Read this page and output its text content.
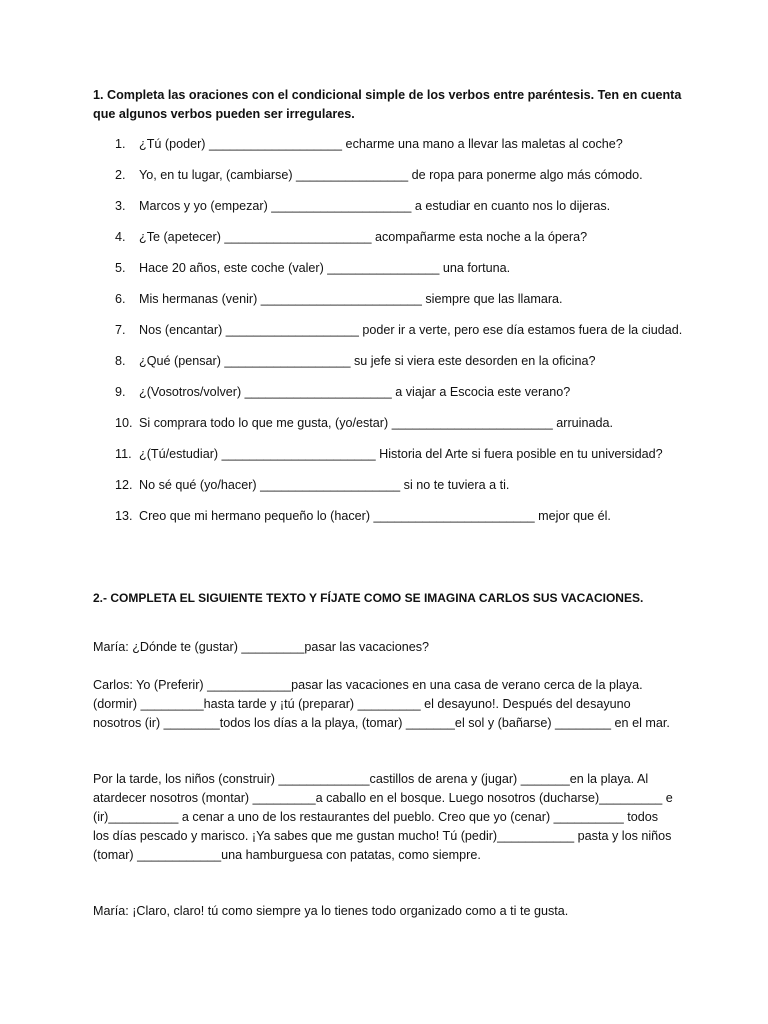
1. Completa las oraciones con el condicional simple de los verbos entre paréntesis. Ten en cuenta que algunos verbos pueden ser irregulares.

1.	¿Tú (poder) ___________________ echarme una mano a llevar las maletas al coche?
2.	Yo, en tu lugar, (cambiarse) ________________ de ropa para ponerme algo más cómodo.
3.	Marcos y yo (empezar) ____________________ a estudiar en cuanto nos lo dijeras.
4.	¿Te (apetecer) _____________________ acompañarme esta noche a la ópera?
5.	Hace 20 años, este coche (valer) ________________ una fortuna.
6.	Mis hermanas (venir) _______________________ siempre que las llamara.
7.	Nos (encantar) ___________________ poder ir a verte, pero ese día estamos fuera de la ciudad.
8.	¿Qué (pensar) __________________ su jefe si viera este desorden en la oficina?
9.	¿(Vosotros/volver) _____________________ a viajar a Escocia este verano?
10. Si comprara todo lo que me gusta, (yo/estar) _______________________ arruinada.
11. ¿(Tú/estudiar) ______________________ Historia del Arte si fuera posible en tu universidad?
12. No sé qué (yo/hacer) ____________________ si no te tuviera a ti.
13. Creo que mi hermano pequeño lo (hacer) _______________________ mejor que él.
2.- COMPLETA EL SIGUIENTE TEXTO Y FÍJATE COMO SE IMAGINA CARLOS SUS VACACIONES.

María: ¿Dónde te (gustar) _________pasar las vacaciones?

Carlos: Yo (Preferir) ____________pasar las vacaciones en una casa de verano cerca de la playa. (dormir) _________hasta tarde y ¡tú (preparar) _________ el desayuno!. Después del desayuno nosotros (ir) ________todos los días a la playa, (tomar) _______el sol y (bañarse) ________ en el mar.

Por la tarde, los niños (construir) _____________castillos de arena y (jugar) _______en la playa. Al atardecer nosotros (montar) _________a caballo en el bosque. Luego nosotros (ducharse)_________ e (ir)__________ a cenar a uno de los restaurantes del pueblo. Creo que yo (cenar) __________ todos los días pescado y marisco. ¡Ya sabes que me gustan mucho! Tú (pedir)___________ pasta y los niños (tomar) ____________una hamburguesa con patatas, como siempre.

María: ¡Claro, claro! tú como siempre ya lo tienes todo organizado como a ti te gusta.
